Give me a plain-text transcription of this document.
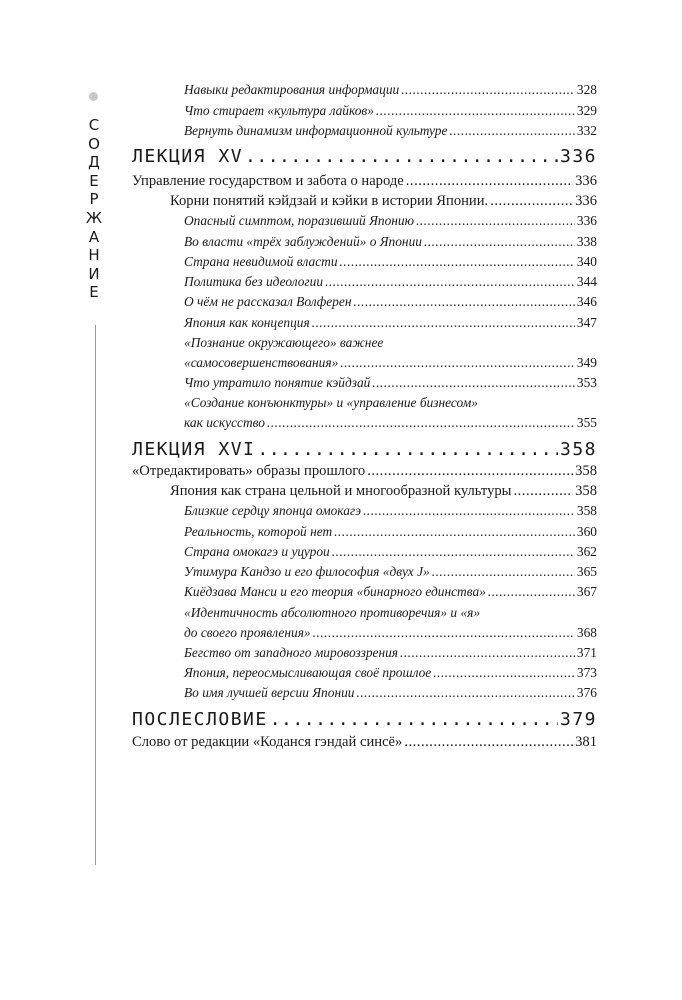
С
О
Д
Е
Р
Ж
А
Н
И
Е
Навыки редактирования информации .....	328
Что стирает «культура лайков» .....	329
Вернуть динамизм информационной культуре .....	332
ЛЕКЦИЯ XV .....	336
Управление государством и забота о народе .....	336
Корни понятий кэйдзай и кэйки в истории Японии. .....	336
Опасный симптом, поразивший Японию .....	336
Во власти «трёх заблуждений» о Японии .....	338
Страна невидимой власти .....	340
Политика без идеологии .....	344
О чём не рассказал Волферен .....	346
Япония как концепция .....	347
«Познание окружающего» важнее
«самосовершенствования» .....	349
Что утратило понятие кэйдзай .....	353
«Создание конъюнктуры» и «управление бизнесом»
как искусство .....	355
ЛЕКЦИЯ XVI .....	358
«Отредактировать» образы прошлого .....	358
Япония как страна цельной и многообразной культуры .....	358
Близкие сердцу японца омокагэ .....	358
Реальность, которой нет .....	360
Страна омокагэ и уцурои .....	362
Утимура Кандзо и его философия «двух J» .....	365
Киёдзава Манси и его теория «бинарного единства» .....	367
«Идентичность абсолютного противоречия» и «я»
до своего проявления» .....	368
Бегство от западного мировоззрения .....	371
Япония, переосмысливающая своё прошлое .....	373
Во имя лучшей версии Японии .....	376
ПОСЛЕСЛОВИЕ .....	379
Слово от редакции «Коданся гэндай синсё» .....	381
